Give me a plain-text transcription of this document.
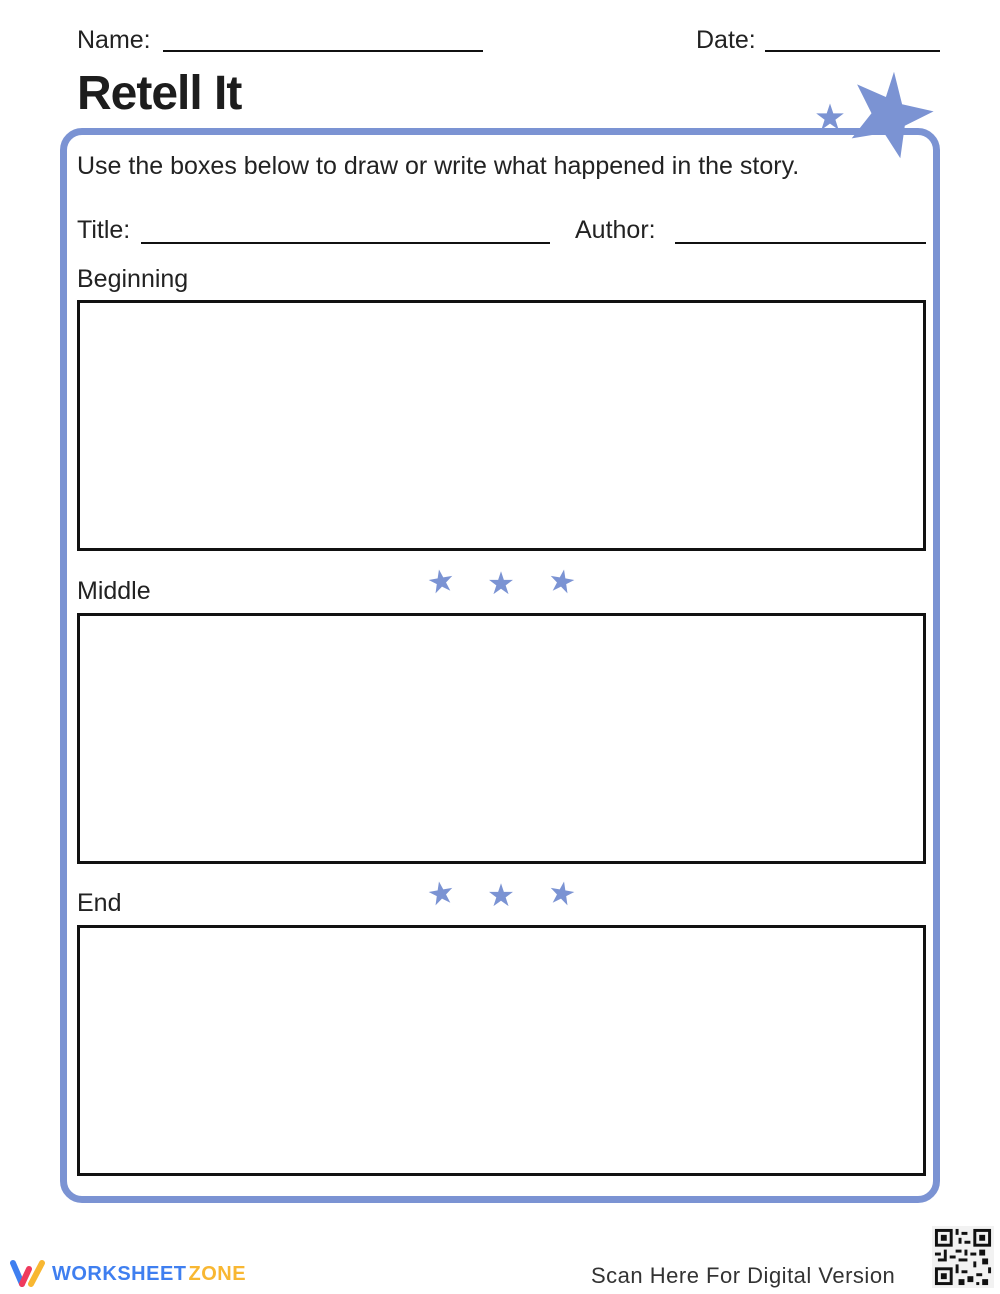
Name:	Date:
Retell It
Use the boxes below to draw or write what happened in the story.
Title:	Author:
Beginning
Middle
End
WORKSHEET ZONE	Scan Here For Digital Version
